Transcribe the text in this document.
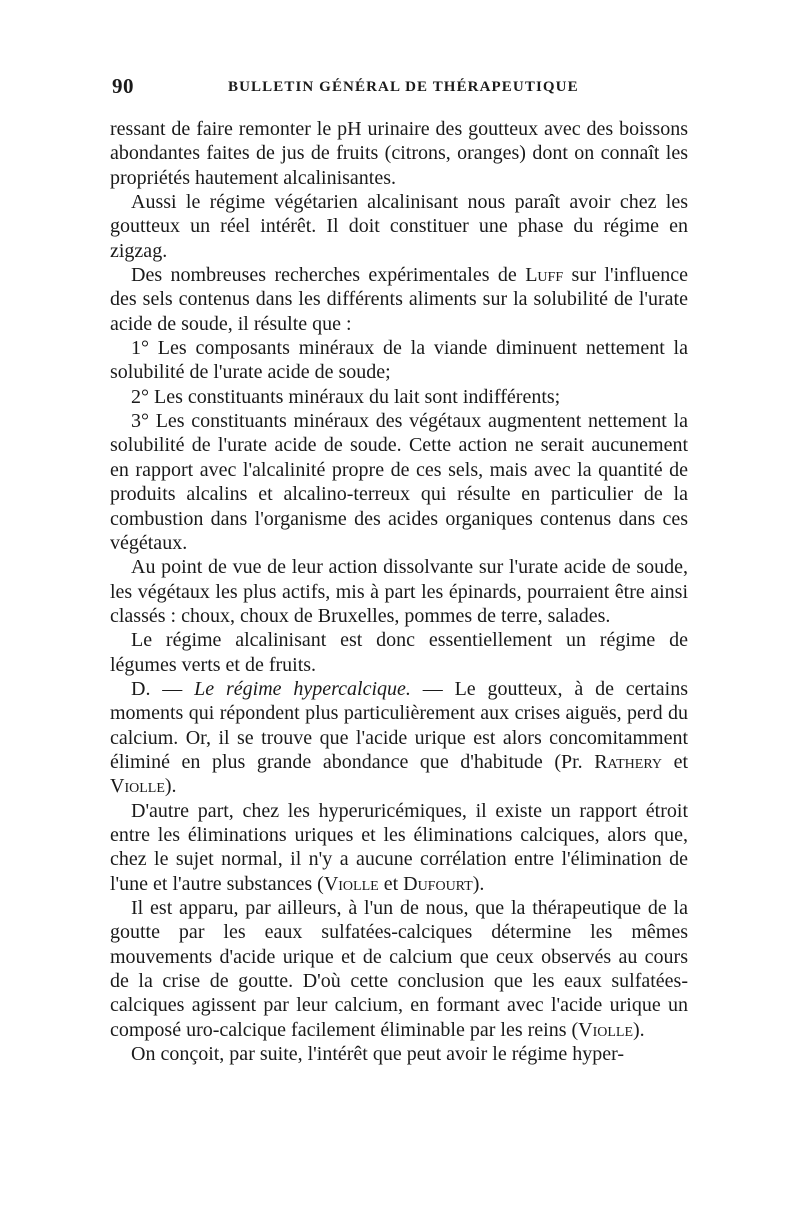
90	BULLETIN GÉNÉRAL DE THÉRAPEUTIQUE

ressant de faire remonter le pH urinaire des goutteux avec des boissons abondantes faites de jus de fruits (citrons, oranges) dont on connaît les propriétés hautement alcalinisantes.

Aussi le régime végétarien alcalinisant nous paraît avoir chez les goutteux un réel intérêt. Il doit constituer une phase du régime en zigzag.

Des nombreuses recherches expérimentales de Luff sur l'influence des sels contenus dans les différents aliments sur la solubilité de l'urate acide de soude, il résulte que :

1° Les composants minéraux de la viande diminuent nettement la solubilité de l'urate acide de soude;

2° Les constituants minéraux du lait sont indifférents;

3° Les constituants minéraux des végétaux augmentent nettement la solubilité de l'urate acide de soude. Cette action ne serait aucunement en rapport avec l'alcalinité propre de ces sels, mais avec la quantité de produits alcalins et alcalino-terreux qui résulte en particulier de la combustion dans l'organisme des acides organiques contenus dans ces végétaux.

Au point de vue de leur action dissolvante sur l'urate acide de soude, les végétaux les plus actifs, mis à part les épinards, pourraient être ainsi classés : choux, choux de Bruxelles, pommes de terre, salades.

Le régime alcalinisant est donc essentiellement un régime de légumes verts et de fruits.

D. — Le régime hypercalcique. — Le goutteux, à de certains moments qui répondent plus particulièrement aux crises aiguës, perd du calcium. Or, il se trouve que l'acide urique est alors concomitamment éliminé en plus grande abondance que d'habitude (Pr. Rathery et Violle).

D'autre part, chez les hyperuricémiques, il existe un rapport étroit entre les éliminations uriques et les éliminations calciques, alors que, chez le sujet normal, il n'y a aucune corrélation entre l'élimination de l'une et l'autre substances (Violle et Dufourt).

Il est apparu, par ailleurs, à l'un de nous, que la thérapeutique de la goutte par les eaux sulfatées-calciques détermine les mêmes mouvements d'acide urique et de calcium que ceux observés au cours de la crise de goutte. D'où cette conclusion que les eaux sulfatées-calciques agissent par leur calcium, en formant avec l'acide urique un composé uro-calcique facilement éliminable par les reins (Violle).

On conçoit, par suite, l'intérêt que peut avoir le régime hyper-
